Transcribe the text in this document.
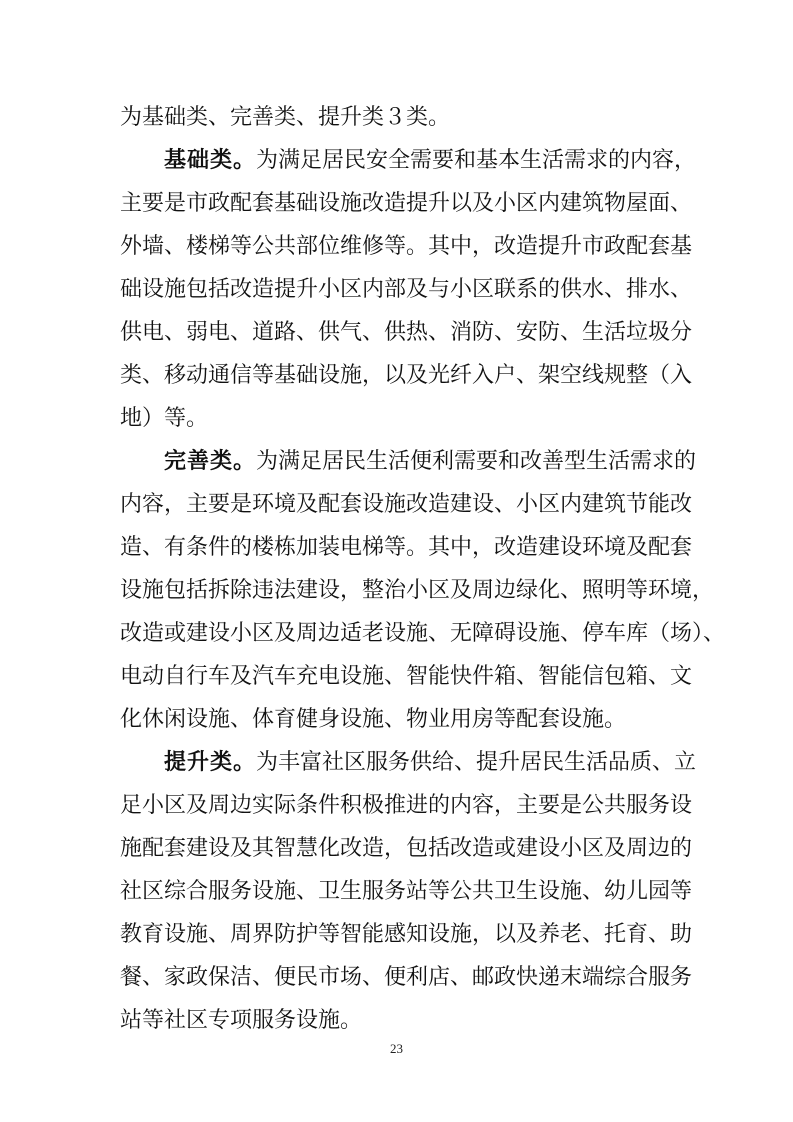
为基础类、完善类、提升类３类。
基础类。为满足居民安全需要和基本生活需求的内容，
主要是市政配套基础设施改造提升以及小区内建筑物屋面、
外墙、楼梯等公共部位维修等。其中，改造提升市政配套基
础设施包括改造提升小区内部及与小区联系的供水、排水、
供电、弱电、道路、供气、供热、消防、安防、生活垃圾分
类、移动通信等基础设施，以及光纤入户、架空线规整（入
地）等。
完善类。为满足居民生活便利需要和改善型生活需求的
内容，主要是环境及配套设施改造建设、小区内建筑节能改
造、有条件的楼栋加装电梯等。其中，改造建设环境及配套
设施包括拆除违法建设，整治小区及周边绿化、照明等环境，
改造或建设小区及周边适老设施、无障碍设施、停车库（场）、
电动自行车及汽车充电设施、智能快件箱、智能信包箱、文
化休闲设施、体育健身设施、物业用房等配套设施。
提升类。为丰富社区服务供给、提升居民生活品质、立
足小区及周边实际条件积极推进的内容，主要是公共服务设
施配套建设及其智慧化改造，包括改造或建设小区及周边的
社区综合服务设施、卫生服务站等公共卫生设施、幼儿园等
教育设施、周界防护等智能感知设施，以及养老、托育、助
餐、家政保洁、便民市场、便利店、邮政快递末端综合服务
站等社区专项服务设施。
23
